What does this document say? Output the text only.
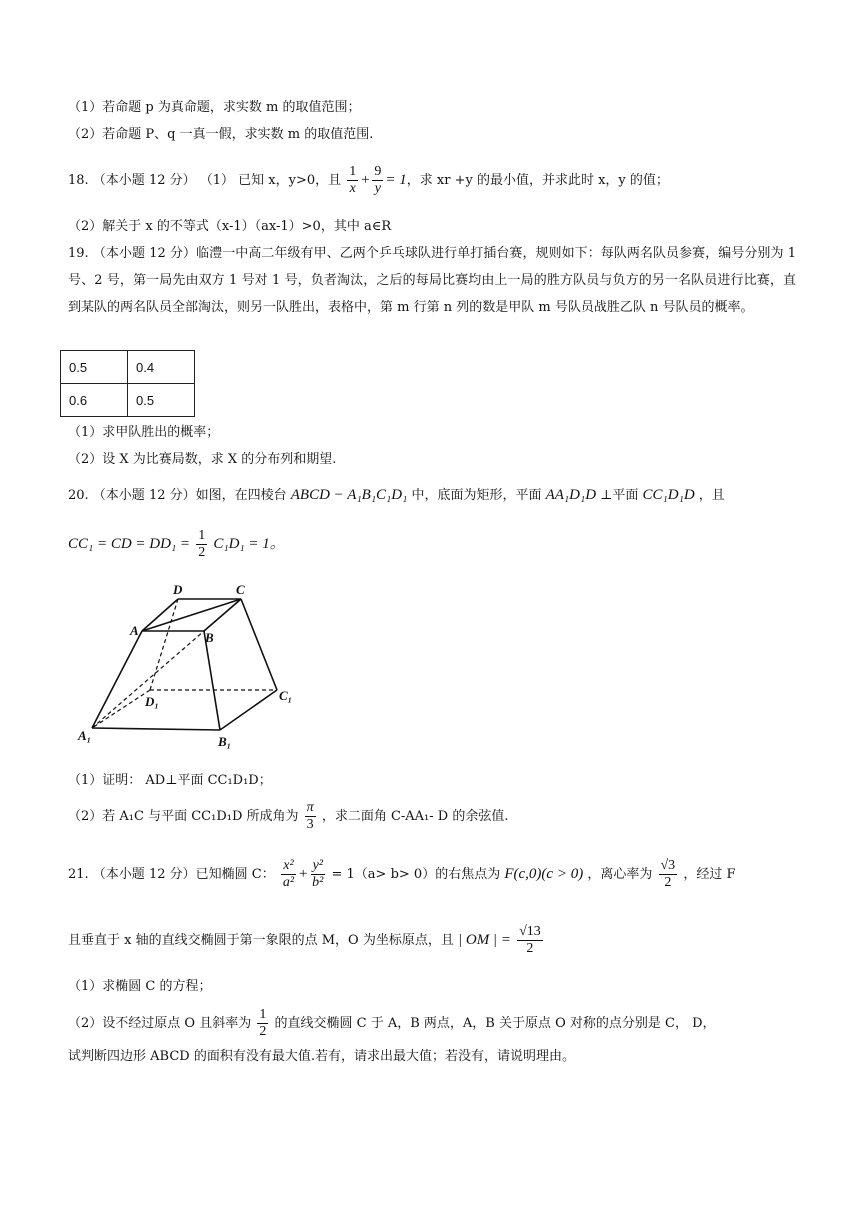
（1）若命题 p 为真命题，求实数 m 的取值范围；
（2）若命题 P、q 一真一假，求实数 m 的取值范围.
18. （本小题 12 分） （1） 已知 x，y>0，且 $\frac{1}{x} + \frac{9}{y} = 1$，求 xr +y 的最小值，并求此时 x，y 的值；
（2）解关于 x 的不等式（x-1）（ax-1）>0，其中 a∈R
19. （本小题 12 分）临澧一中高二年级有甲、乙两个乒乓球队进行单打插台赛，规则如下：每队两名队员参赛，编号分别为 1 号、2 号，第一局先由双方 1 号对 1 号，负者淘汰，之后的每局比赛均由上一局的胜方队员与负方的另一名队员进行比赛，直到某队的两名队员全部淘汰，则另一队胜出，表格中，第 m 行第 n 列的数是甲队 m 号队员战胜乙队 n 号队员的概率。
0.5	0.4
0.6	0.5
（1）求甲队胜出的概率；
（2）设 X 为比赛局数，求 X 的分布列和期望.
20. （本小题 12 分）如图，在四棱台 ABCD − A₁B₁C₁D₁ 中，底面为矩形，平面 AA₁D₁D ⊥平面 CC₁D₁D ，且
CC₁ = CD = $DD_1 = \frac{1}{2} C_1D_1 = 1$。
D	C
A	B
D₁	C₁
A₁	B₁
（1）证明： AD⊥平面 CC₁D₁D；
（2）若 A₁C 与平面 CC₁D₁D 所成角为 $\frac{\pi}{3}$ ，求二面角 C-AA₁- D 的余弦值.
21. （本小题 12 分）已知椭圆 C： $\frac{\text{x²}}{\text{a²}} + \frac{\text{y²}}{\text{b²}} = 1(a> b> 0)$的右焦点为 F(c,0)(c > 0) ，离心率为 $\frac{√3}{2}$ ，经过 F
且垂直于 x 轴的直线交椭圆于第一象限的点 M，O 为坐标原点，且 | OM | = $\frac{√13}{2}$
（1）求椭圆 C 的方程；
（2）设不经过原点 O 且斜率为 $\frac{1}{2}$ 的直线交椭圆 C 于 A，B 两点，A，B 关于原点 O 对称的点分别是 C， D，
试判断四边形 ABCD 的面积有没有最大值.若有，请求出最大值；若没有，请说明理由。
